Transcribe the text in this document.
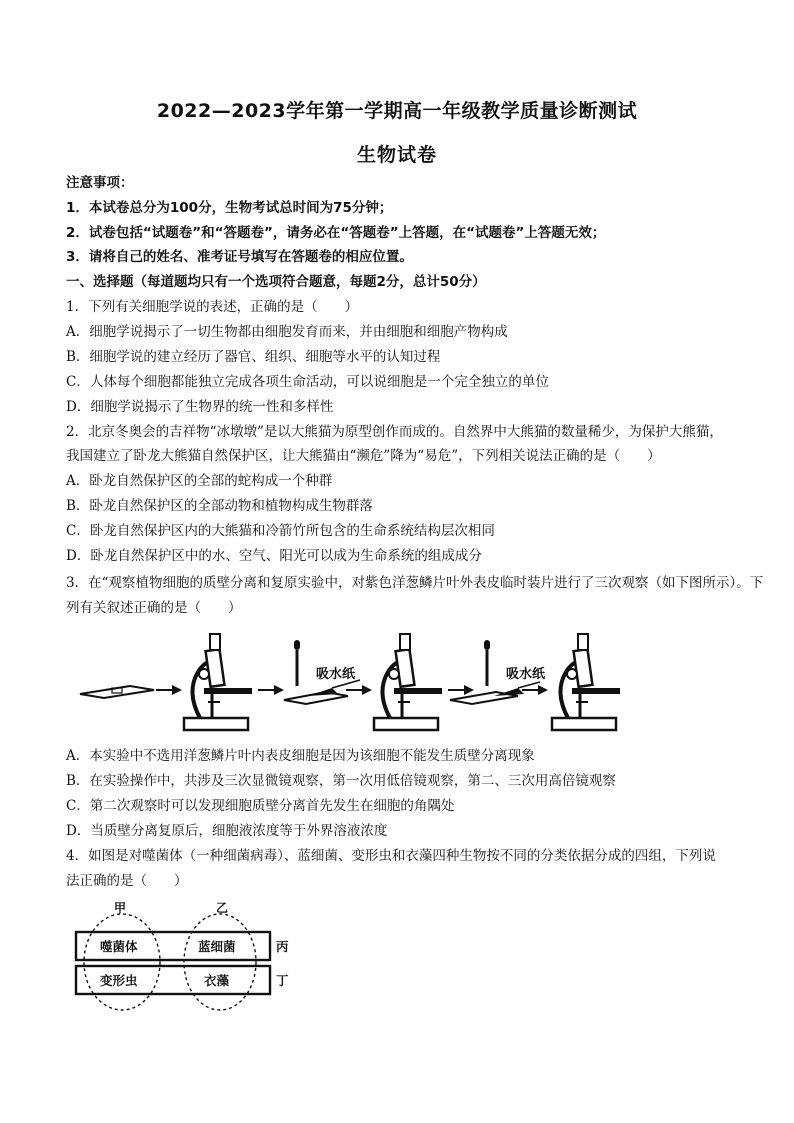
2022—2023学年第一学期高一年级教学质量诊断测试
生物试卷
注意事项：
1．本试卷总分为100分，生物考试总时间为75分钟；
2．试卷包括“试题卷”和“答题卷”，请务必在“答题卷”上答题，在“试题卷”上答题无效；
3．请将自己的姓名、准考证号填写在答题卷的相应位置。
一、选择题（每道题均只有一个选项符合题意，每题2分，总计50分）
1．下列有关细胞学说的表述，正确的是（　　）
A．细胞学说揭示了一切生物都由细胞发育而来，并由细胞和细胞产物构成
B．细胞学说的建立经历了器官、组织、细胞等水平的认知过程
C．人体每个细胞都能独立完成各项生命活动，可以说细胞是一个完全独立的单位
D．细胞学说揭示了生物界的统一性和多样性
2．北京冬奥会的吉祥物“冰墩墩”是以大熊猫为原型创作而成的。自然界中大熊猫的数量稀少，为保护大熊猫，
我国建立了卧龙大熊猫自然保护区，让大熊猫由“濒危”降为“易危”，下列相关说法正确的是（　　）
A．卧龙自然保护区的全部的蛇构成一个种群
B．卧龙自然保护区的全部动物和植物构成生物群落
C．卧龙自然保护区内的大熊猫和冷箭竹所包含的生命系统结构层次相同
D．卧龙自然保护区中的水、空气、阳光可以成为生命系统的组成成分
3．在“观察植物细胞的质壁分离和复原实验中，对紫色洋葱鳞片叶外表皮临时装片进行了三次观察（如下图所示）。下列有关叙述正确的是（　　）
吸水纸	吸水纸
A．本实验中不选用洋葱鳞片叶内表皮细胞是因为该细胞不能发生质壁分离现象
B．在实验操作中，共涉及三次显微镜观察，第一次用低倍镜观察，第二、三次用高倍镜观察
C．第二次观察时可以发现细胞质壁分离首先发生在细胞的角隅处
D．当质壁分离复原后，细胞液浓度等于外界溶液浓度
4．如图是对噬菌体（一种细菌病毒）、蓝细菌、变形虫和衣藻四种生物按不同的分类依据分成的四组，下列说
法正确的是（　　）
甲	乙
噬菌体	蓝细菌
变形虫	衣藻
丙
丁
